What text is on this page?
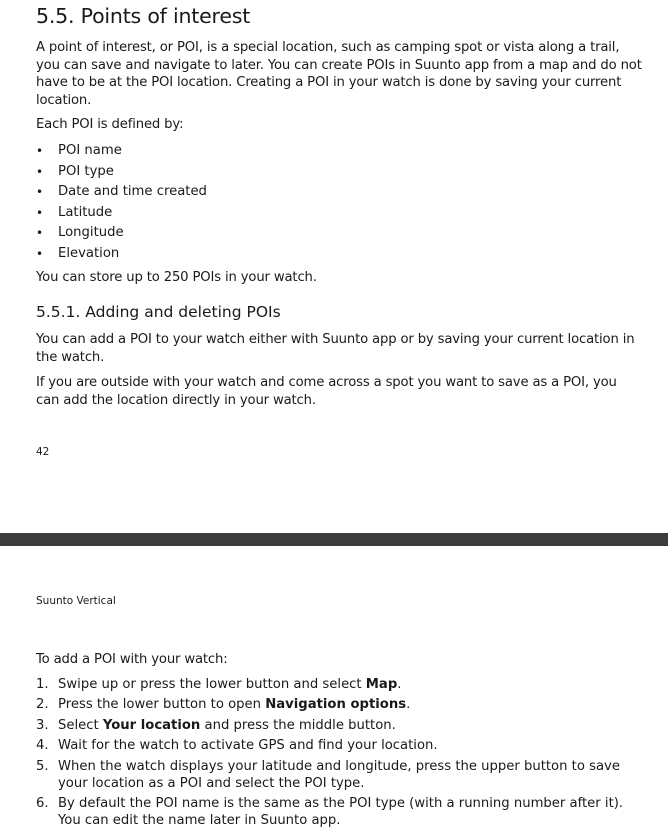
5.5. Points of interest

A point of interest, or POI, is a special location, such as camping spot or vista along a trail, you can save and navigate to later. You can create POIs in Suunto app from a map and do not have to be at the POI location. Creating a POI in your watch is done by saving your current location.

Each POI is defined by:

• POI name
• POI type
• Date and time created
• Latitude
• Longitude
• Elevation

You can store up to 250 POIs in your watch.

5.5.1. Adding and deleting POIs

You can add a POI to your watch either with Suunto app or by saving your current location in the watch.

If you are outside with your watch and come across a spot you want to save as a POI, you can add the location directly in your watch.

42
Suunto Vertical

To add a POI with your watch:

1. Swipe up or press the lower button and select Map.
2. Press the lower button to open Navigation options.
3. Select Your location and press the middle button.
4. Wait for the watch to activate GPS and find your location.
5. When the watch displays your latitude and longitude, press the upper button to save your location as a POI and select the POI type.
6. By default the POI name is the same as the POI type (with a running number after it). You can edit the name later in Suunto app.
